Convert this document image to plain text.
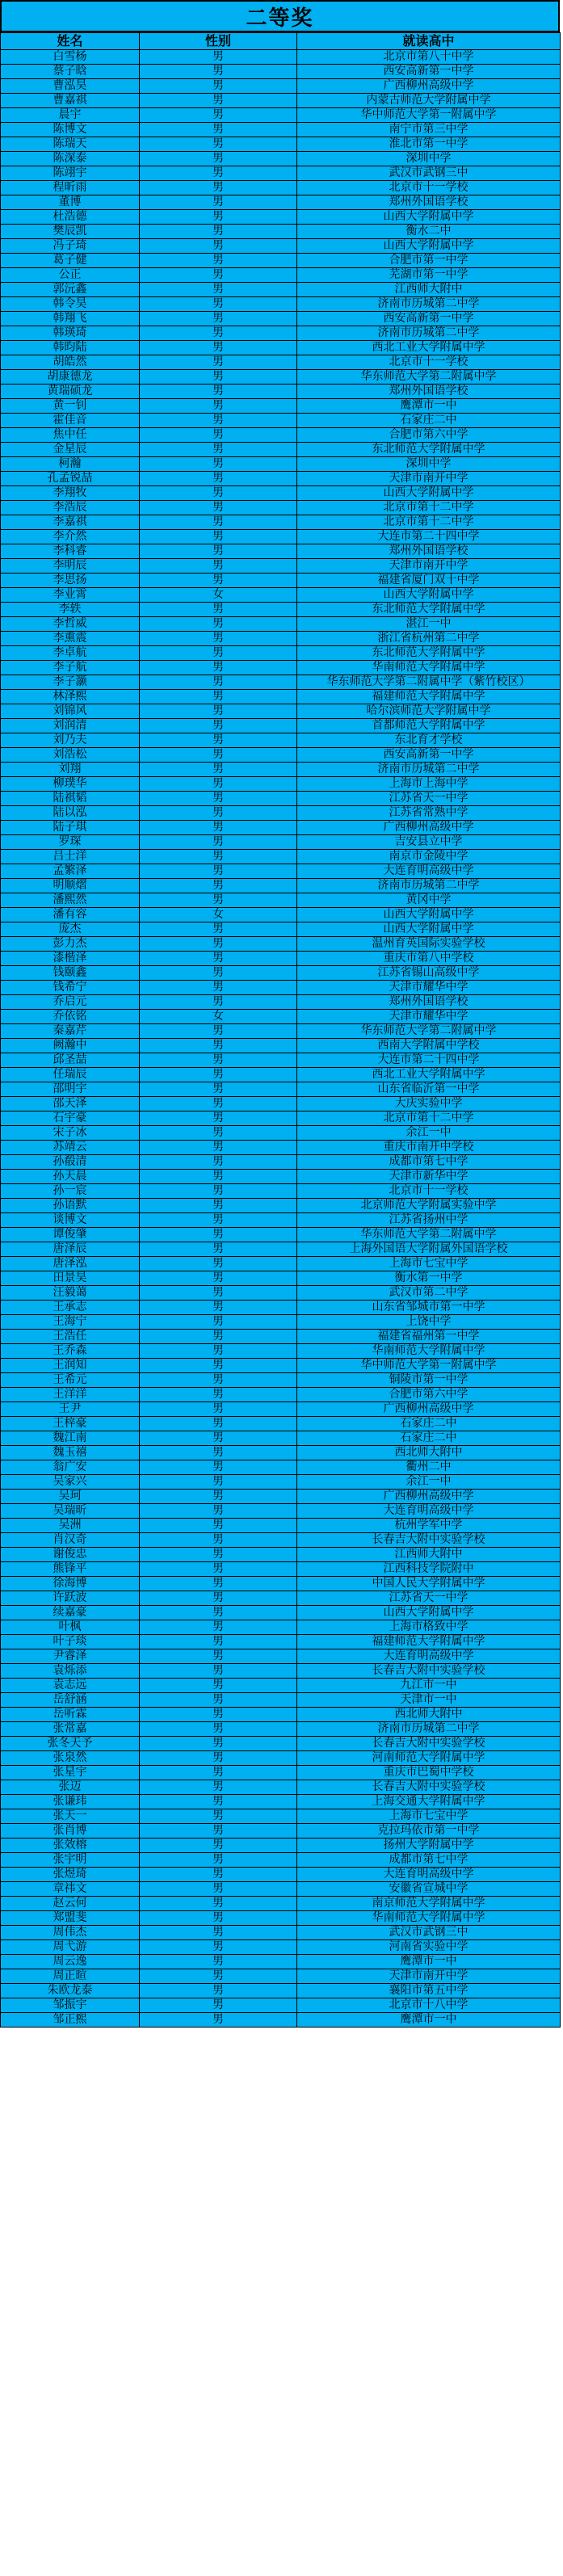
二等奖
姓名	性别	就读高中
白雪杨	男	北京市第八十中学
蔡子晗	男	西安高新第一中学
曹泓昊	男	广西柳州高级中学
曹嘉祺	男	内蒙古师范大学附属中学
晨宇	男	华中师范大学第一附属中学
陈博文	男	南宁市第三中学
陈瑞天	男	淮北市第一中学
陈深泰	男	深圳中学
陈翊宇	男	武汉市武钢三中
程昕雨	男	北京市十一学校
董博	男	郑州外国语学校
杜浩德	男	山西大学附属中学
樊辰凯	男	衡水二中
冯子琦	男	山西大学附属中学
葛子健	男	合肥市第一中学
公正	男	芜湖市第一中学
郭沅鑫	男	江西师大附中
韩令昊	男	济南市历城第二中学
韩翔飞	男	西安高新第一中学
韩瑛琦	男	济南市历城第二中学
韩昀陆	男	西北工业大学附属中学
胡皓然	男	北京市十一学校
胡康德龙	男	华东师范大学第二附属中学
黄瑞硕龙	男	郑州外国语学校
黄一钊	男	鹰潭市一中
霍佳音	男	石家庄二中
焦中任	男	合肥市第六中学
金星辰	男	东北师范大学附属中学
柯瀚	男	深圳中学
孔孟锐喆	男	天津市南开中学
李翔牧	男	山西大学附属中学
李浩辰	男	北京市第十二中学
李嘉祺	男	北京市第十二中学
李介然	男	大连市第二十四中学
李科睿	男	郑州外国语学校
李明辰	男	天津市南开中学
李思扬	男	福建省厦门双十中学
李业霄	女	山西大学附属中学
李轶	男	东北师范大学附属中学
李哲威	男	湛江一中
李熏震	男	浙江省杭州第二中学
李卓航	男	东北师范大学附属中学
李子航	男	华南师范大学附属中学
李子灏	男	华东师范大学第二附属中学（紫竹校区）
林泽熙	男	福建师范大学附属中学
刘锦风	男	哈尔滨师范大学附属中学
刘润清	男	首都师范大学附属中学
刘乃夫	男	东北育才学校
刘浩松	男	西安高新第一中学
刘翔	男	济南市历城第二中学
柳璞华	男	上海市上海中学
陆祺韬	男	江苏省天一中学
陆以泓	男	江苏省常熟中学
陆子琪	男	广西柳州高级中学
罗琛	男	吉安县立中学
吕士洋	男	南京市金陵中学
孟繁泽	男	大连育明高级中学
明顺熠	男	济南市历城第二中学
潘熙然	男	黄冈中学
潘有容	女	山西大学附属中学
庞杰	男	山西大学附属中学
彭力杰	男	温州育英国际实验学校
漆楷泽	男	重庆市第八中学校
钱颐鑫	男	江苏省锡山高级中学
钱希宁	男	天津市耀华中学
乔启元	男	郑州外国语学校
乔依铭	女	天津市耀华中学
秦嘉芹	男	华东师范大学第二附属中学
阙瀚中	男	西南大学附属中学校
邱圣喆	男	大连市第二十四中学
任瑞辰	男	西北工业大学附属中学
邵明宇	男	山东省临沂第一中学
邵天泽	男	大庆实验中学
石宇豪	男	北京市第十二中学
宋子冰	男	余江一中
苏靖云	男	重庆市南开中学校
孙殽清	男	成都市第七中学
孙天晨	男	天津市新华中学
孙一宸	男	北京市十一学校
孙语默	男	北京师范大学附属实验中学
谈博文	男	江苏省扬州中学
谭俊肇	男	华东师范大学第二附属中学
唐泽辰	男	上海外国语大学附属外国语学校
唐泽泓	男	上海市七宝中学
田景昊	男	衡水第一中学
汪毅蔼	男	武汉市第二中学
王承志	男	山东省邹城市第一中学
王海宁	男	上饶中学
王浩任	男	福建省福州第一中学
王乔森	男	华南师范大学附属中学
王润知	男	华中师范大学第一附属中学
王希元	男	铜陵市第一中学
王洋洋	男	合肥市第六中学
王尹	男	广西柳州高级中学
王梓豪	男	石家庄二中
魏江南	男	石家庄二中
魏玉禧	男	西北师大附中
翁广安	男	衢州二中
吴家兴	男	余江一中
吴珂	男	广西柳州高级中学
吴瑞昕	男	大连育明高级中学
吴洲	男	杭州学军中学
肖汉奇	男	长春吉大附中实验学校
谢俊忠	男	江西师大附中
熊锋平	男	江西科技学院附中
徐海博	男	中国人民大学附属中学
许跃波	男	江苏省天一中学
续嘉豪	男	山西大学附属中学
叶枫	男	上海市格致中学
叶子琰	男	福建师范大学附属中学
尹睿泽	男	大连育明高级中学
袁烁添	男	长春吉大附中实验学校
袁志远	男	九江市一中
岳舒涵	男	天津市一中
岳听霖	男	西北师大附中
张常嘉	男	济南市历城第二中学
张冬天予	男	长春吉大附中实验学校
张泉然	男	河南师范大学附属中学
张星宇	男	重庆市巴蜀中学校
张迈	男	长春吉大附中实验学校
张谦玮	男	上海交通大学附属中学
张天一	男	上海市七宝中学
张肖博	男	克拉玛依市第一中学
张效榕	男	扬州大学附属中学
张宇明	男	成都市第七中学
张煜琦	男	大连育明高级中学
章祎文	男	安徽省宣城中学
赵云何	男	南京师范大学附属中学
郑盟斐	男	华南师范大学附属中学
周伟杰	男	武汉市武钢三中
周弋游	男	河南省实验中学
周云逸	男	鹰潭市一中
周正暄	男	天津市南开中学
朱欧龙泰	男	襄阳市第五中学
邹振宇	男	北京市十八中学
邹正熙	男	鹰潭市一中
